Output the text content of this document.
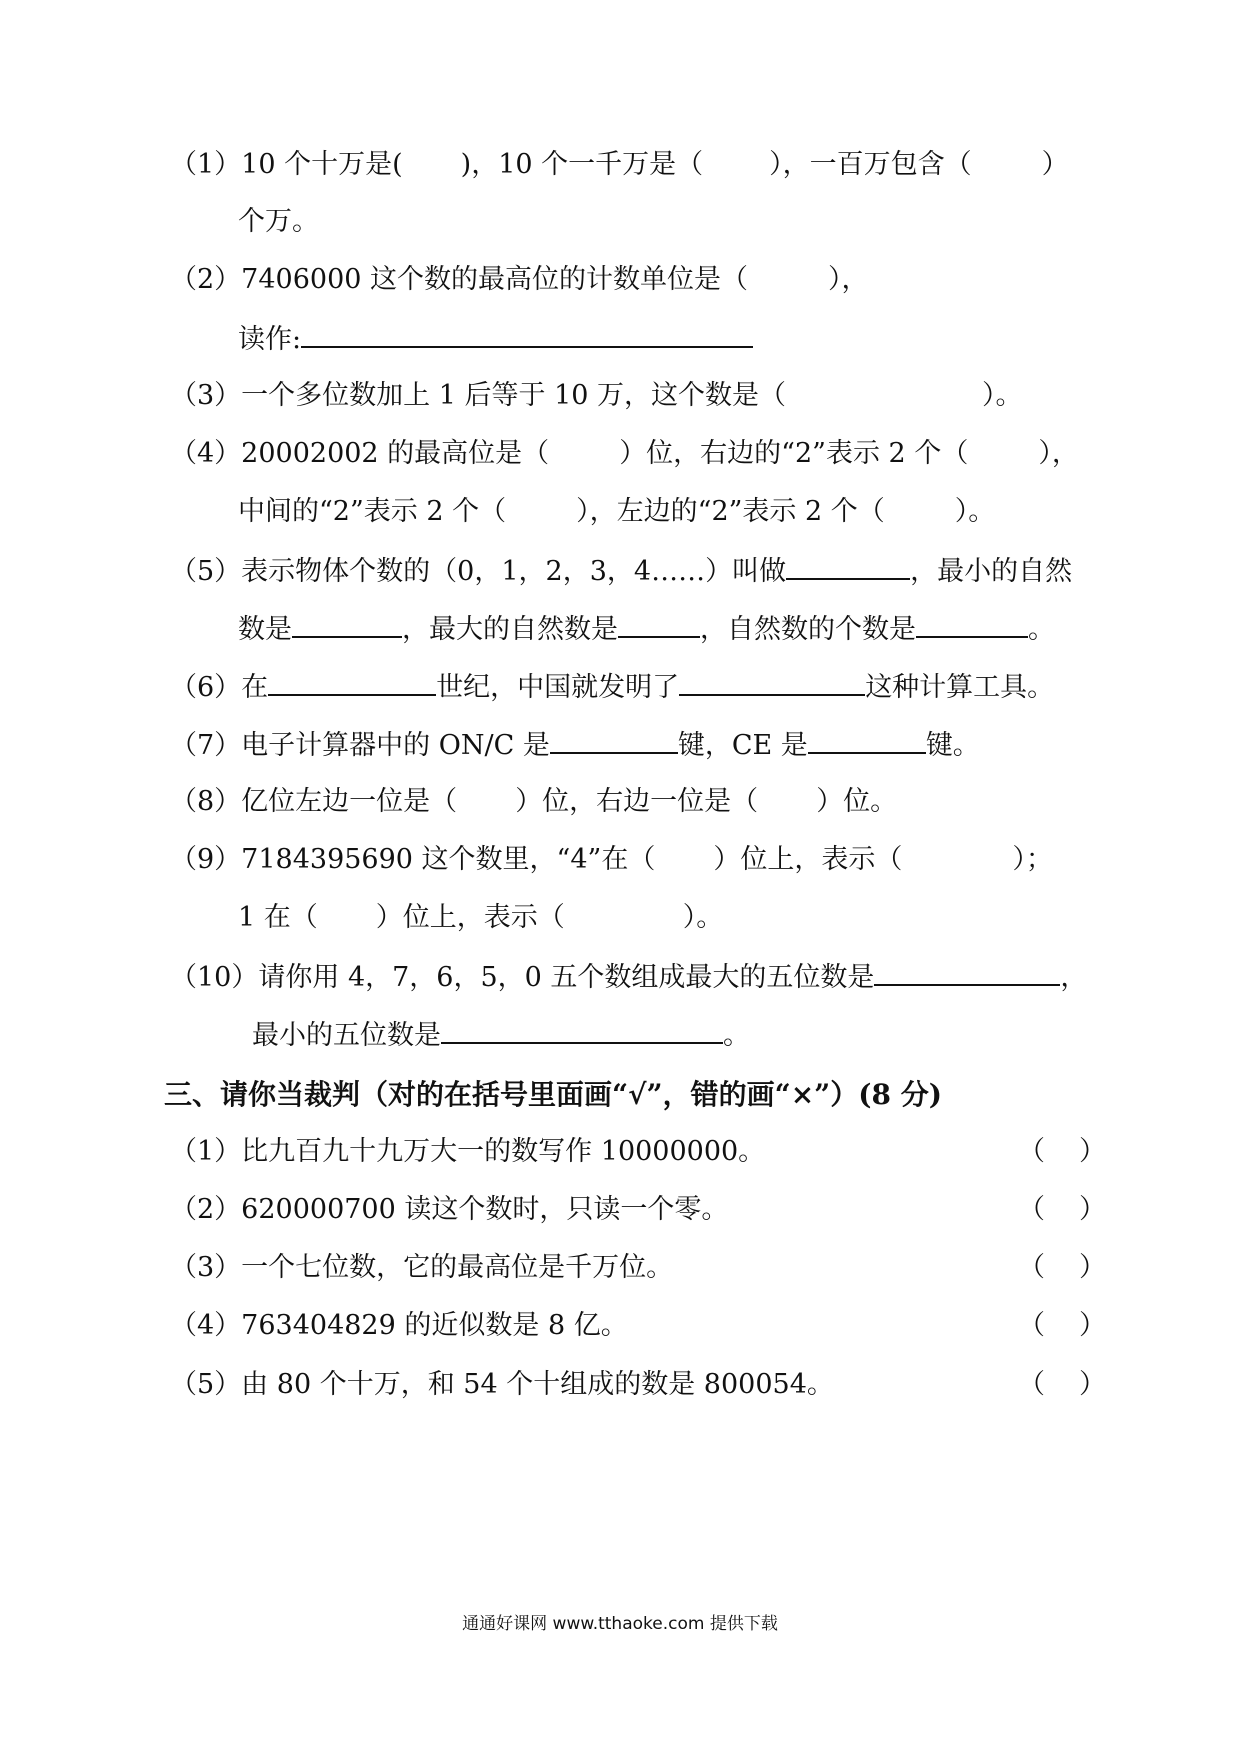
（1）10 个十万是( )，10 个一千万是（ ），一百万包含（	）
个万。
（2）7406000 这个数的最高位的计数单位是（	），
读作:
（3）一个多位数加上 1 后等于 10 万，这个数是（	）。
（4）20002002 的最高位是（	）位，右边的“2”表示 2 个（	），
中间的“2”表示 2 个（	），左边的“2”表示 2 个（	）。
（5）表示物体个数的（0，1，2，3，4……）叫做	，最小的自然
数是	，最大的自然数是	，自然数的个数是	。
（6）在	世纪，中国就发明了	这种计算工具。
（7）电子计算器中的 ON/C 是	键，CE 是	键。
（8）亿位左边一位是（ ）位，右边一位是（ ）位。
（9）7184395690 这个数里，“4”在（ ）位上，表示（	）；
1 在（ ）位上，表示（	）。
（10）请你用 4，7，6，5，0 五个数组成最大的五位数是	，
最小的五位数是	。
三、请你当裁判（对的在括号里面画“√”，错的画“×”）(8 分)
（1）比九百九十九万大一的数写作 10000000。	（ ）
（2）620000700 读这个数时，只读一个零。	（ ）
（3）一个七位数，它的最高位是千万位。	（ ）
（4）763404829 的近似数是 8 亿。	（ ）
（5）由 80 个十万，和 54 个十组成的数是 800054。	（ ）
通通好课网 www.tthaoke.com 提供下载
